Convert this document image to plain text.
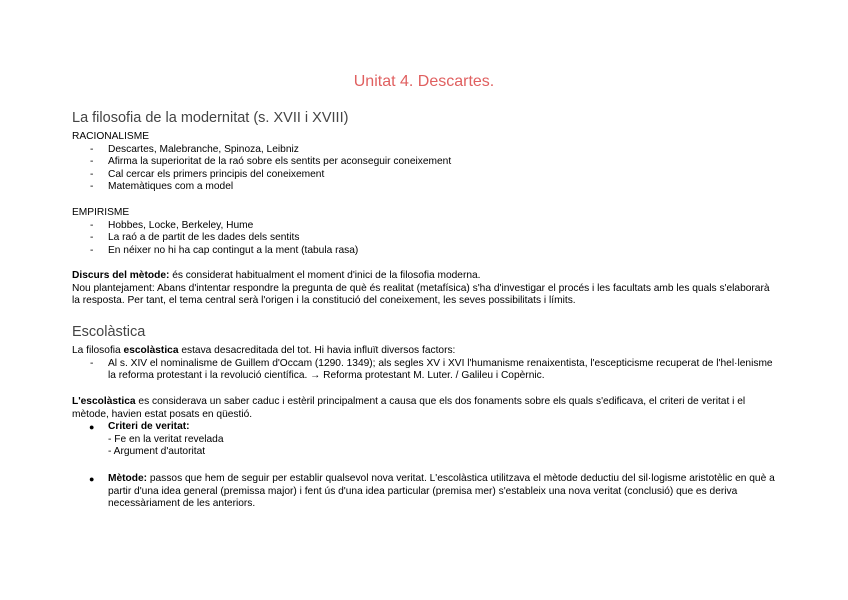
Unitat 4. Descartes.
La filosofia de la modernitat (s. XVII i XVIII)

RACIONALISME

- Descartes, Malebranche, Spinoza, Leibniz
- Afirma la superioritat de la raó sobre els sentits per aconseguir coneixement
- Cal cercar els primers principis del coneixement
- Matemàtiques com a model

EMPIRISME

- Hobbes, Locke, Berkeley, Hume
- La raó a de partit de les dades dels sentits
- En néixer no hi ha cap contingut a la ment (tabula rasa)

Discurs del mètode: és considerat habitualment el moment d'inici de la filosofia moderna.

Nou plantejament: Abans d'intentar respondre la pregunta de què és realitat (metafísica) s'ha d'investigar el procés i les facultats amb les quals s'elaborarà la resposta. Per tant, el tema central serà l'origen i la constitució del coneixement, les seves possibilitats i límits.

Escolàstica

La filosofia escolàstica estava desacreditada del tot. Hi havia influït diversos factors:

- Al s. XIV el nominalisme de Guillem d'Occam (1290. 1349); als segles XV i XVI l'humanisme renaixentista, l'escepticisme recuperat de l'hel·lenisme la reforma protestant i la revolució científica. → Reforma protestant M. Luter. / Galileu i Copèrnic.

L'escolàstica es considerava un saber caduc i estèril principalment a causa que els dos fonaments sobre els quals s'edificava, el criteri de veritat i el mètode, havien estat posats en qüestió.

● Criteri de veritat:
- Fe en la veritat revelada
- Argument d'autoritat
● Mètode: passos que hem de seguir per establir qualsevol nova veritat. L'escolàstica utilitzava el mètode deductiu del sil·logisme aristotèlic en què a partir d'una idea general (premissa major) i fent ús d'una idea particular (premisa mer) s'estableix una nova veritat (conclusió) que es deriva necessàriament de les anteriors.
